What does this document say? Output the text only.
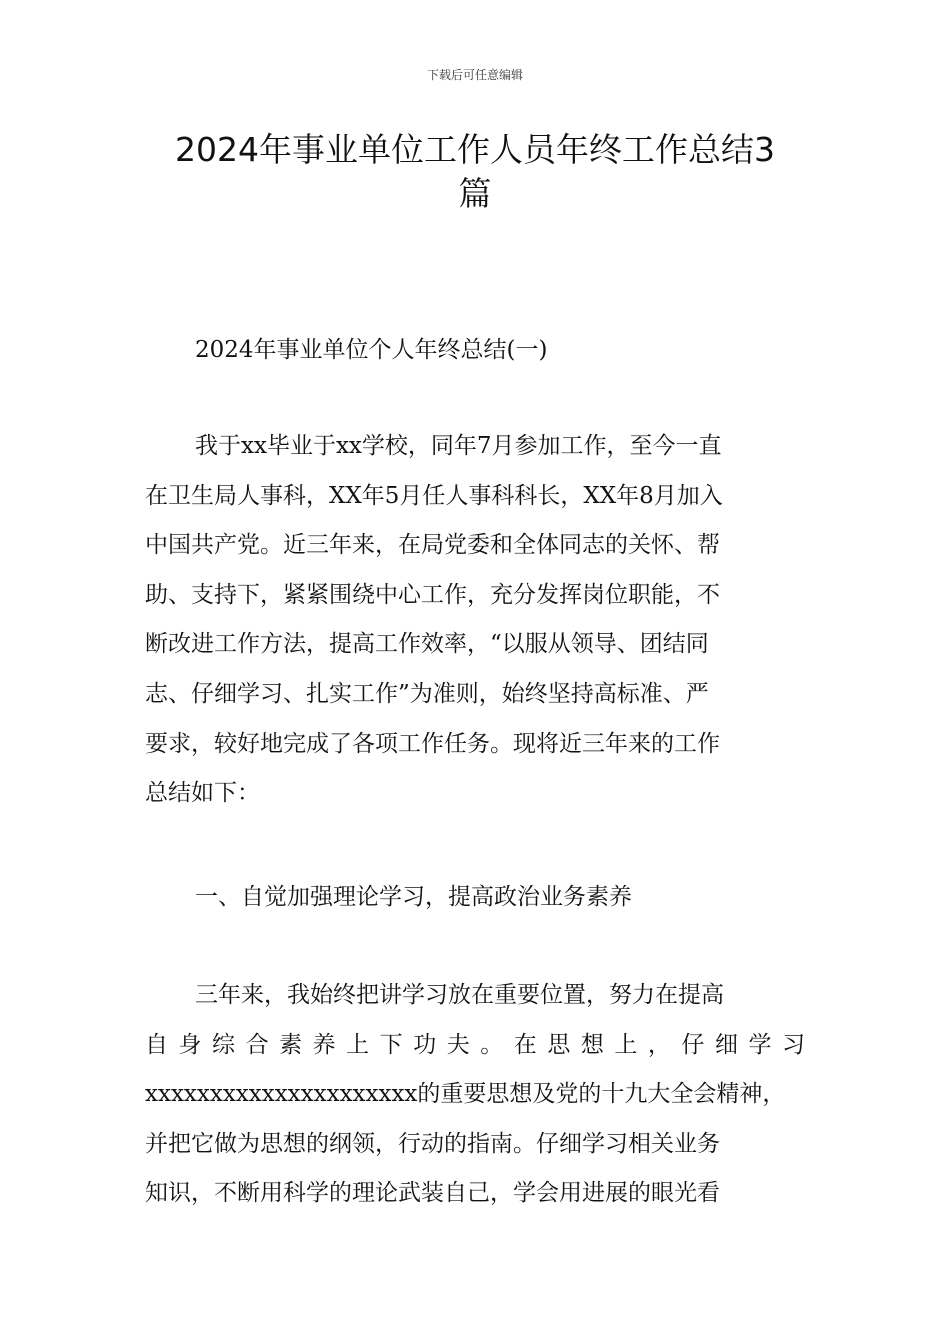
下载后可任意编辑
2024年事业单位工作人员年终工作总结3
篇

2024年事业单位个人年终总结(一)

我于xx毕业于xx学校，同年7月参加工作，至今一直
在卫生局人事科，XX年5月任人事科科长，XX年8月加入
中国共产党。近三年来，在局党委和全体同志的关怀、帮
助、支持下，紧紧围绕中心工作，充分发挥岗位职能，不
断改进工作方法，提高工作效率，“以服从领导、团结同
志、仔细学习、扎实工作”为准则，始终坚持高标准、严
要求，较好地完成了各项工作任务。现将近三年来的工作
总结如下：

一、自觉加强理论学习，提高政治业务素养

三年来，我始终把讲学习放在重要位置，努力在提高
自身综合素养上下功夫。在思想上，仔细学习
xxxxxxxxxxxxxxxxxxxxx的重要思想及党的十九大全会精神，
并把它做为思想的纲领，行动的指南。仔细学习相关业务
知识，不断用科学的理论武装自己，学会用进展的眼光看
